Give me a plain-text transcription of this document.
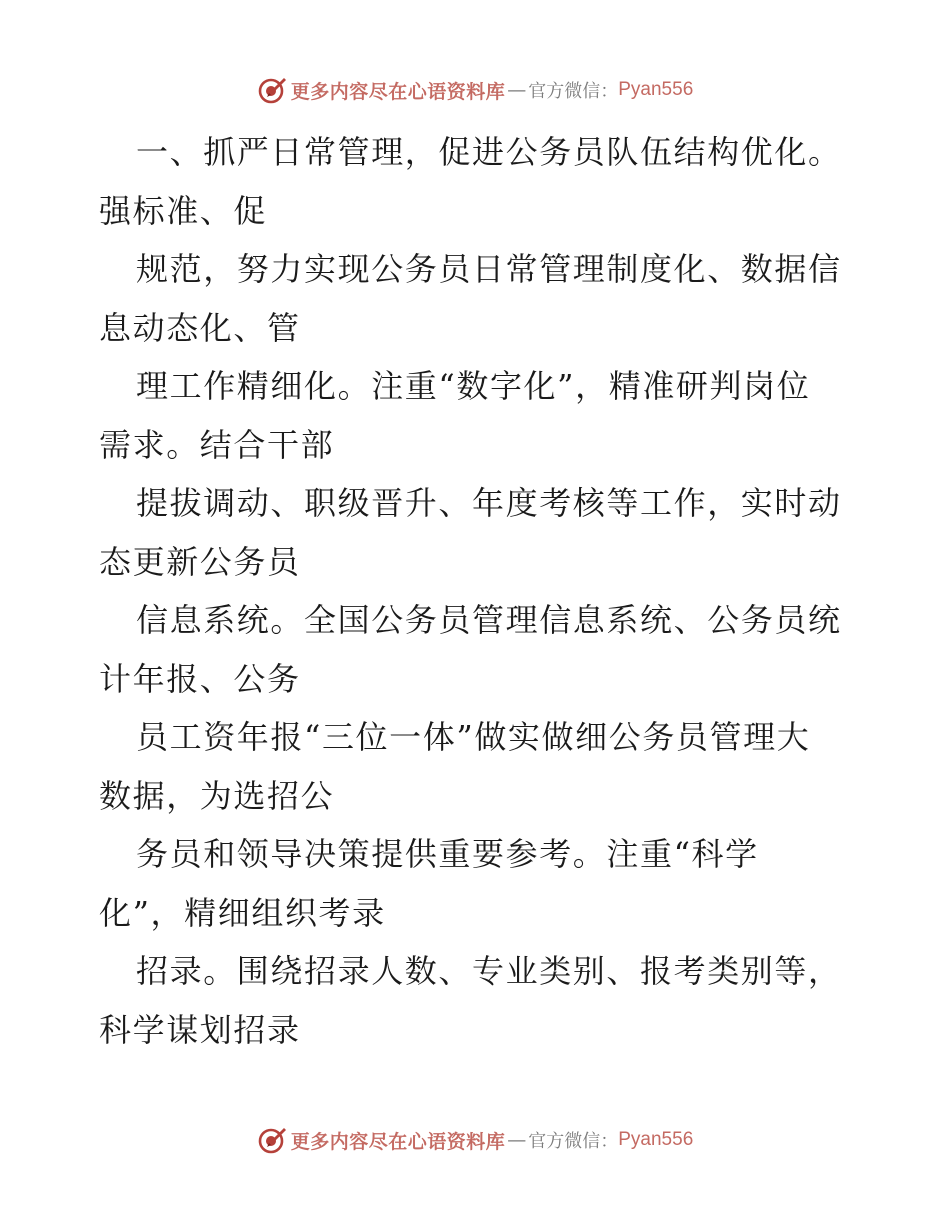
更多内容尽在心语资料库 — 官方微信： Pyan556
一、抓严日常管理，促进公务员队伍结构优化。
强标准、促
规范，努力实现公务员日常管理制度化、数据信
息动态化、管
理工作精细化。注重“数字化”，精准研判岗位
需求。结合干部
提拔调动、职级晋升、年度考核等工作，实时动
态更新公务员
信息系统。全国公务员管理信息系统、公务员统
计年报、公务
员工资年报“三位一体”做实做细公务员管理大
数据，为选招公
务员和领导决策提供重要参考。注重“科学
化”，精细组织考录
招录。围绕招录人数、专业类别、报考类别等，
科学谋划招录
更多内容尽在心语资料库 — 官方微信： Pyan556
